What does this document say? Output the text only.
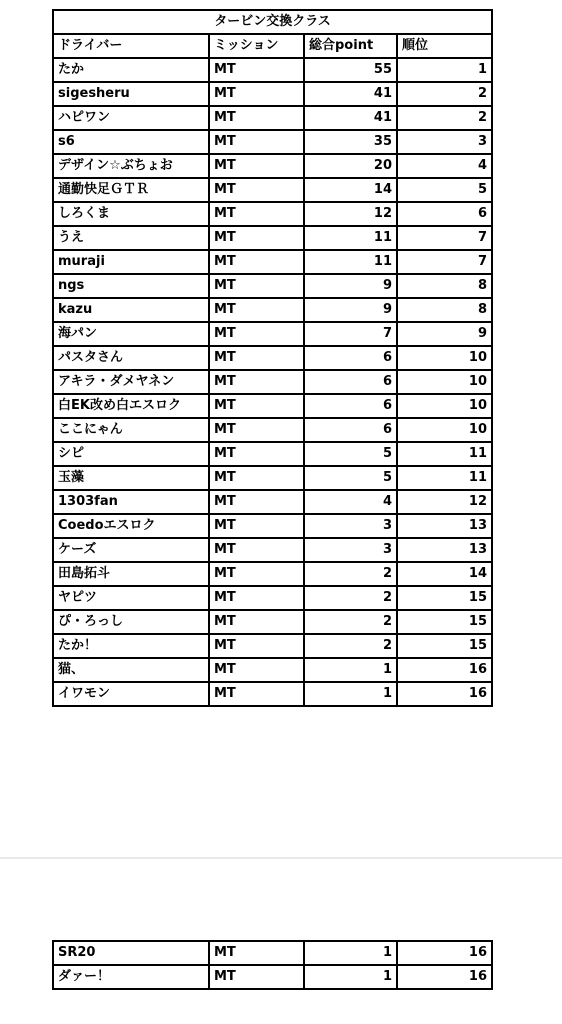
タービン交換クラス			
ドライバー	ミッション	総合point	順位
たか	MT	55	1
sigesheru	MT	41	2
ハピワン	MT	41	2
s6	MT	35	3
デザイン☆ぶちょお	MT	20	4
通勤快足ＧＴＲ	MT	14	5
しろくま	MT	12	6
うえ	MT	11	7
muraji	MT	11	7
ngs	MT	9	8
kazu	MT	9	8
海パン	MT	7	9
パスタさん	MT	6	10
アキラ・ダメヤネン	MT	6	10
白EK改め白エスロク	MT	6	10
ここにゃん	MT	6	10
シピ	MT	5	11
玉藻	MT	5	11
1303fan	MT	4	12
Coedoエスロク	MT	3	13
ケーズ	MT	3	13
田島拓斗	MT	2	14
ヤピツ	MT	2	15
ぴ・ろっし	MT	2	15
たか！	MT	2	15
猫、	MT	1	16
イワモン	MT	1	16
SR20	MT	1	16
ダァー！	MT	1	16
